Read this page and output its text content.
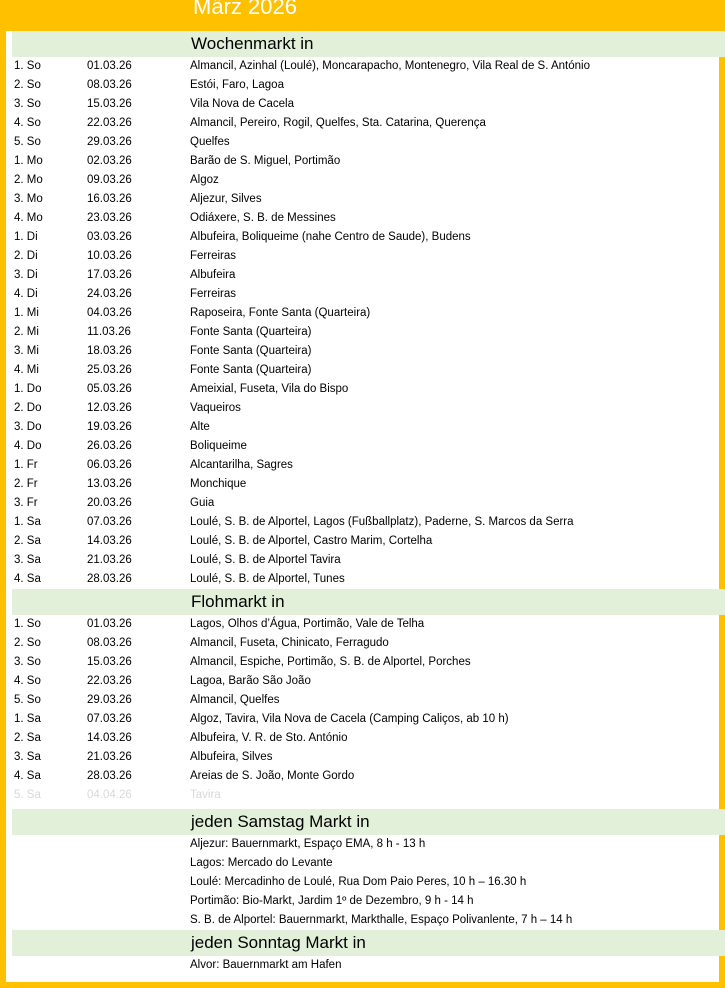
März 2026
Wochenmarkt in
1. So	01.03.26	Almancil, Azinhal (Loulé), Moncarapacho, Montenegro, Vila Real de S. António
2. So	08.03.26	Estói, Faro, Lagoa
3. So	15.03.26	Vila Nova de Cacela
4. So	22.03.26	Almancil, Pereiro, Rogil, Quelfes, Sta. Catarina, Querença
5. So	29.03.26	Quelfes
1. Mo	02.03.26	Barão de S. Miguel, Portimão
2. Mo	09.03.26	Algoz
3. Mo	16.03.26	Aljezur, Silves
4. Mo	23.03.26	Odiáxere, S. B. de Messines
1. Di	03.03.26	Albufeira, Boliqueime (nahe Centro de Saude), Budens
2. Di	10.03.26	Ferreiras
3. Di	17.03.26	Albufeira
4. Di	24.03.26	Ferreiras
1. Mi	04.03.26	Raposeira, Fonte Santa (Quarteira)
2. Mi	11.03.26	Fonte Santa (Quarteira)
3. Mi	18.03.26	Fonte Santa (Quarteira)
4. Mi	25.03.26	Fonte Santa (Quarteira)
1. Do	05.03.26	Ameixial, Fuseta, Vila do Bispo
2. Do	12.03.26	Vaqueiros
3. Do	19.03.26	Alte
4. Do	26.03.26	Boliqueime
1. Fr	06.03.26	Alcantarilha, Sagres
2. Fr	13.03.26	Monchique
3. Fr	20.03.26	Guia
1. Sa	07.03.26	Loulé, S. B. de Alportel, Lagos (Fußballplatz), Paderne, S. Marcos da Serra
2. Sa	14.03.26	Loulé, S. B. de Alportel, Castro Marim, Cortelha
3. Sa	21.03.26	Loulé, S. B. de Alportel Tavira
4. Sa	28.03.26	Loulé, S. B. de Alportel, Tunes
Flohmarkt in
1. So	01.03.26	Lagos, Olhos d’Água, Portimão, Vale de Telha
2. So	08.03.26	Almancil, Fuseta, Chinicato, Ferragudo
3. So	15.03.26	Almancil, Espiche, Portimão, S. B. de Alportel, Porches
4. So	22.03.26	Lagoa, Barão São João
5. So	29.03.26	Almancil, Quelfes
1. Sa	07.03.26	Algoz, Tavira, Vila Nova de Cacela (Camping Caliços, ab 10 h)
2. Sa	14.03.26	Albufeira, V. R. de Sto. António
3. Sa	21.03.26	Albufeira, Silves
4. Sa	28.03.26	Areias de S. João, Monte Gordo
5. Sa	04.04.26	Tavira
jeden Samstag Markt in
Aljezur: Bauernmarkt, Espaço EMA, 8 h - 13 h
Lagos: Mercado do Levante
Loulé: Mercadinho de Loulé, Rua Dom Paio Peres, 10 h – 16.30 h
Portimão: Bio-Markt, Jardim 1º de Dezembro, 9 h - 14 h
S. B. de Alportel: Bauernmarkt, Markthalle, Espaço Polivanlente, 7 h – 14 h
jeden Sonntag Markt in
Alvor: Bauernmarkt am Hafen
